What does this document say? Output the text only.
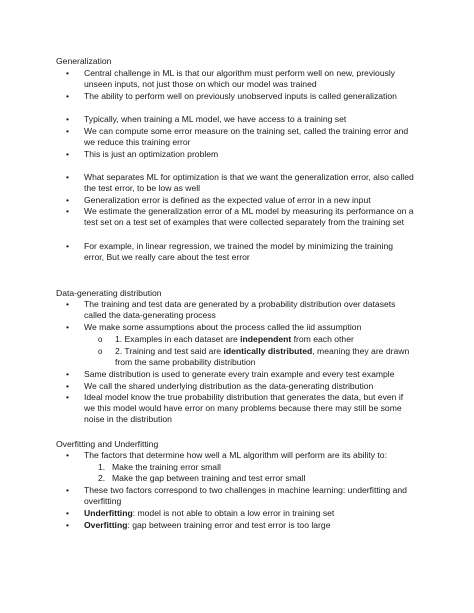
Generalization
• Central challenge in ML is that our algorithm must perform well on new, previously unseen inputs, not just those on which our model was trained
• The ability to perform well on previously unobserved inputs is called generalization
• Typically, when training a ML model, we have access to a training set
• We can compute some error measure on the training set, called the training error and we reduce this training error
• This is just an optimization problem
• What separates ML for optimization is that we want the generalization error, also called the test error, to be low as well
• Generalization error is defined as the expected value of error in a new input
• We estimate the generalization error of a ML model by measuring its performance on a test set on a test set of examples that were collected separately from the training set
• For example, in linear regression, we trained the model by minimizing the training error, But we really care about the test error
Data-generating distribution
• The training and test data are generated by a probability distribution over datasets called the data-generating process
• We make some assumptions about the process called the iid assumption
o 1. Examples in each dataset are independent from each other
o 2. Training and test said are identically distributed, meaning they are drawn from the same probability distribution
• Same distribution is used to generate every train example and every test example
• We call the shared underlying distribution as the data-generating distribution
• Ideal model know the true probability distribution that generates the data, but even if we this model would have error on many problems because there may still be some noise in the distribution
Overfitting and Underfitting
• The factors that determine how well a ML algorithm will perform are its ability to:
1. Make the training error small
2. Make the gap between training and test error small
• These two factors correspond to two challenges in machine learning: underfitting and overfitting
• Underfitting: model is not able to obtain a low error in training set
• Overfitting: gap between training error and test error is too large
